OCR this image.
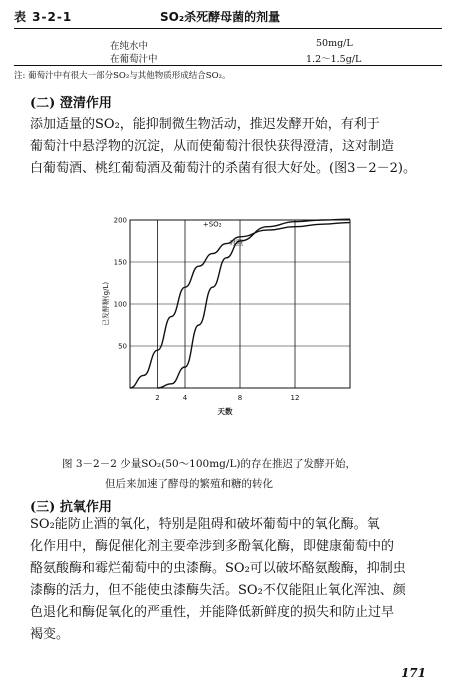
表 3-2-1	SO₂杀死酵母菌的剂量
在纯水中	50mg/L
在葡萄汁中	1.2～1.5g/L
注: 葡萄汁中有很大一部分SO₂与其他物质形成结合SO₂。
(二) 澄清作用

添加适量的SO₂，能抑制微生物活动，推迟发酵开始，有利于

葡萄汁中悬浮物的沉淀，从而使葡萄汁很快获得澄清，这对制造

白葡萄酒、桃红葡萄酒及葡萄汁的杀菌有很大好处。(图3－2－2)。

2	4	8	12
50
100
150
200
对照
+SO₂
天数
已发酵糖(g/L)
图 3－2－2 少量SO₂(50～100mg/L)的存在推迟了发酵开始，
但后来加速了酵母的繁殖和糖的转化
(三) 抗氧作用

SO₂能防止酒的氧化，特别是阻碍和破坏葡萄中的氧化酶。氧

化作用中，酶促催化剂主要牵涉到多酚氧化酶，即健康葡萄中的

酪氨酸酶和霉烂葡萄中的虫漆酶。SO₂可以破坏酪氨酸酶，抑制虫

漆酶的活力，但不能使虫漆酶失活。SO₂不仅能阻止氧化浑浊、颜

色退化和酶促氧化的严重性，并能降低新鲜度的损失和防止过早

褐变。

171
